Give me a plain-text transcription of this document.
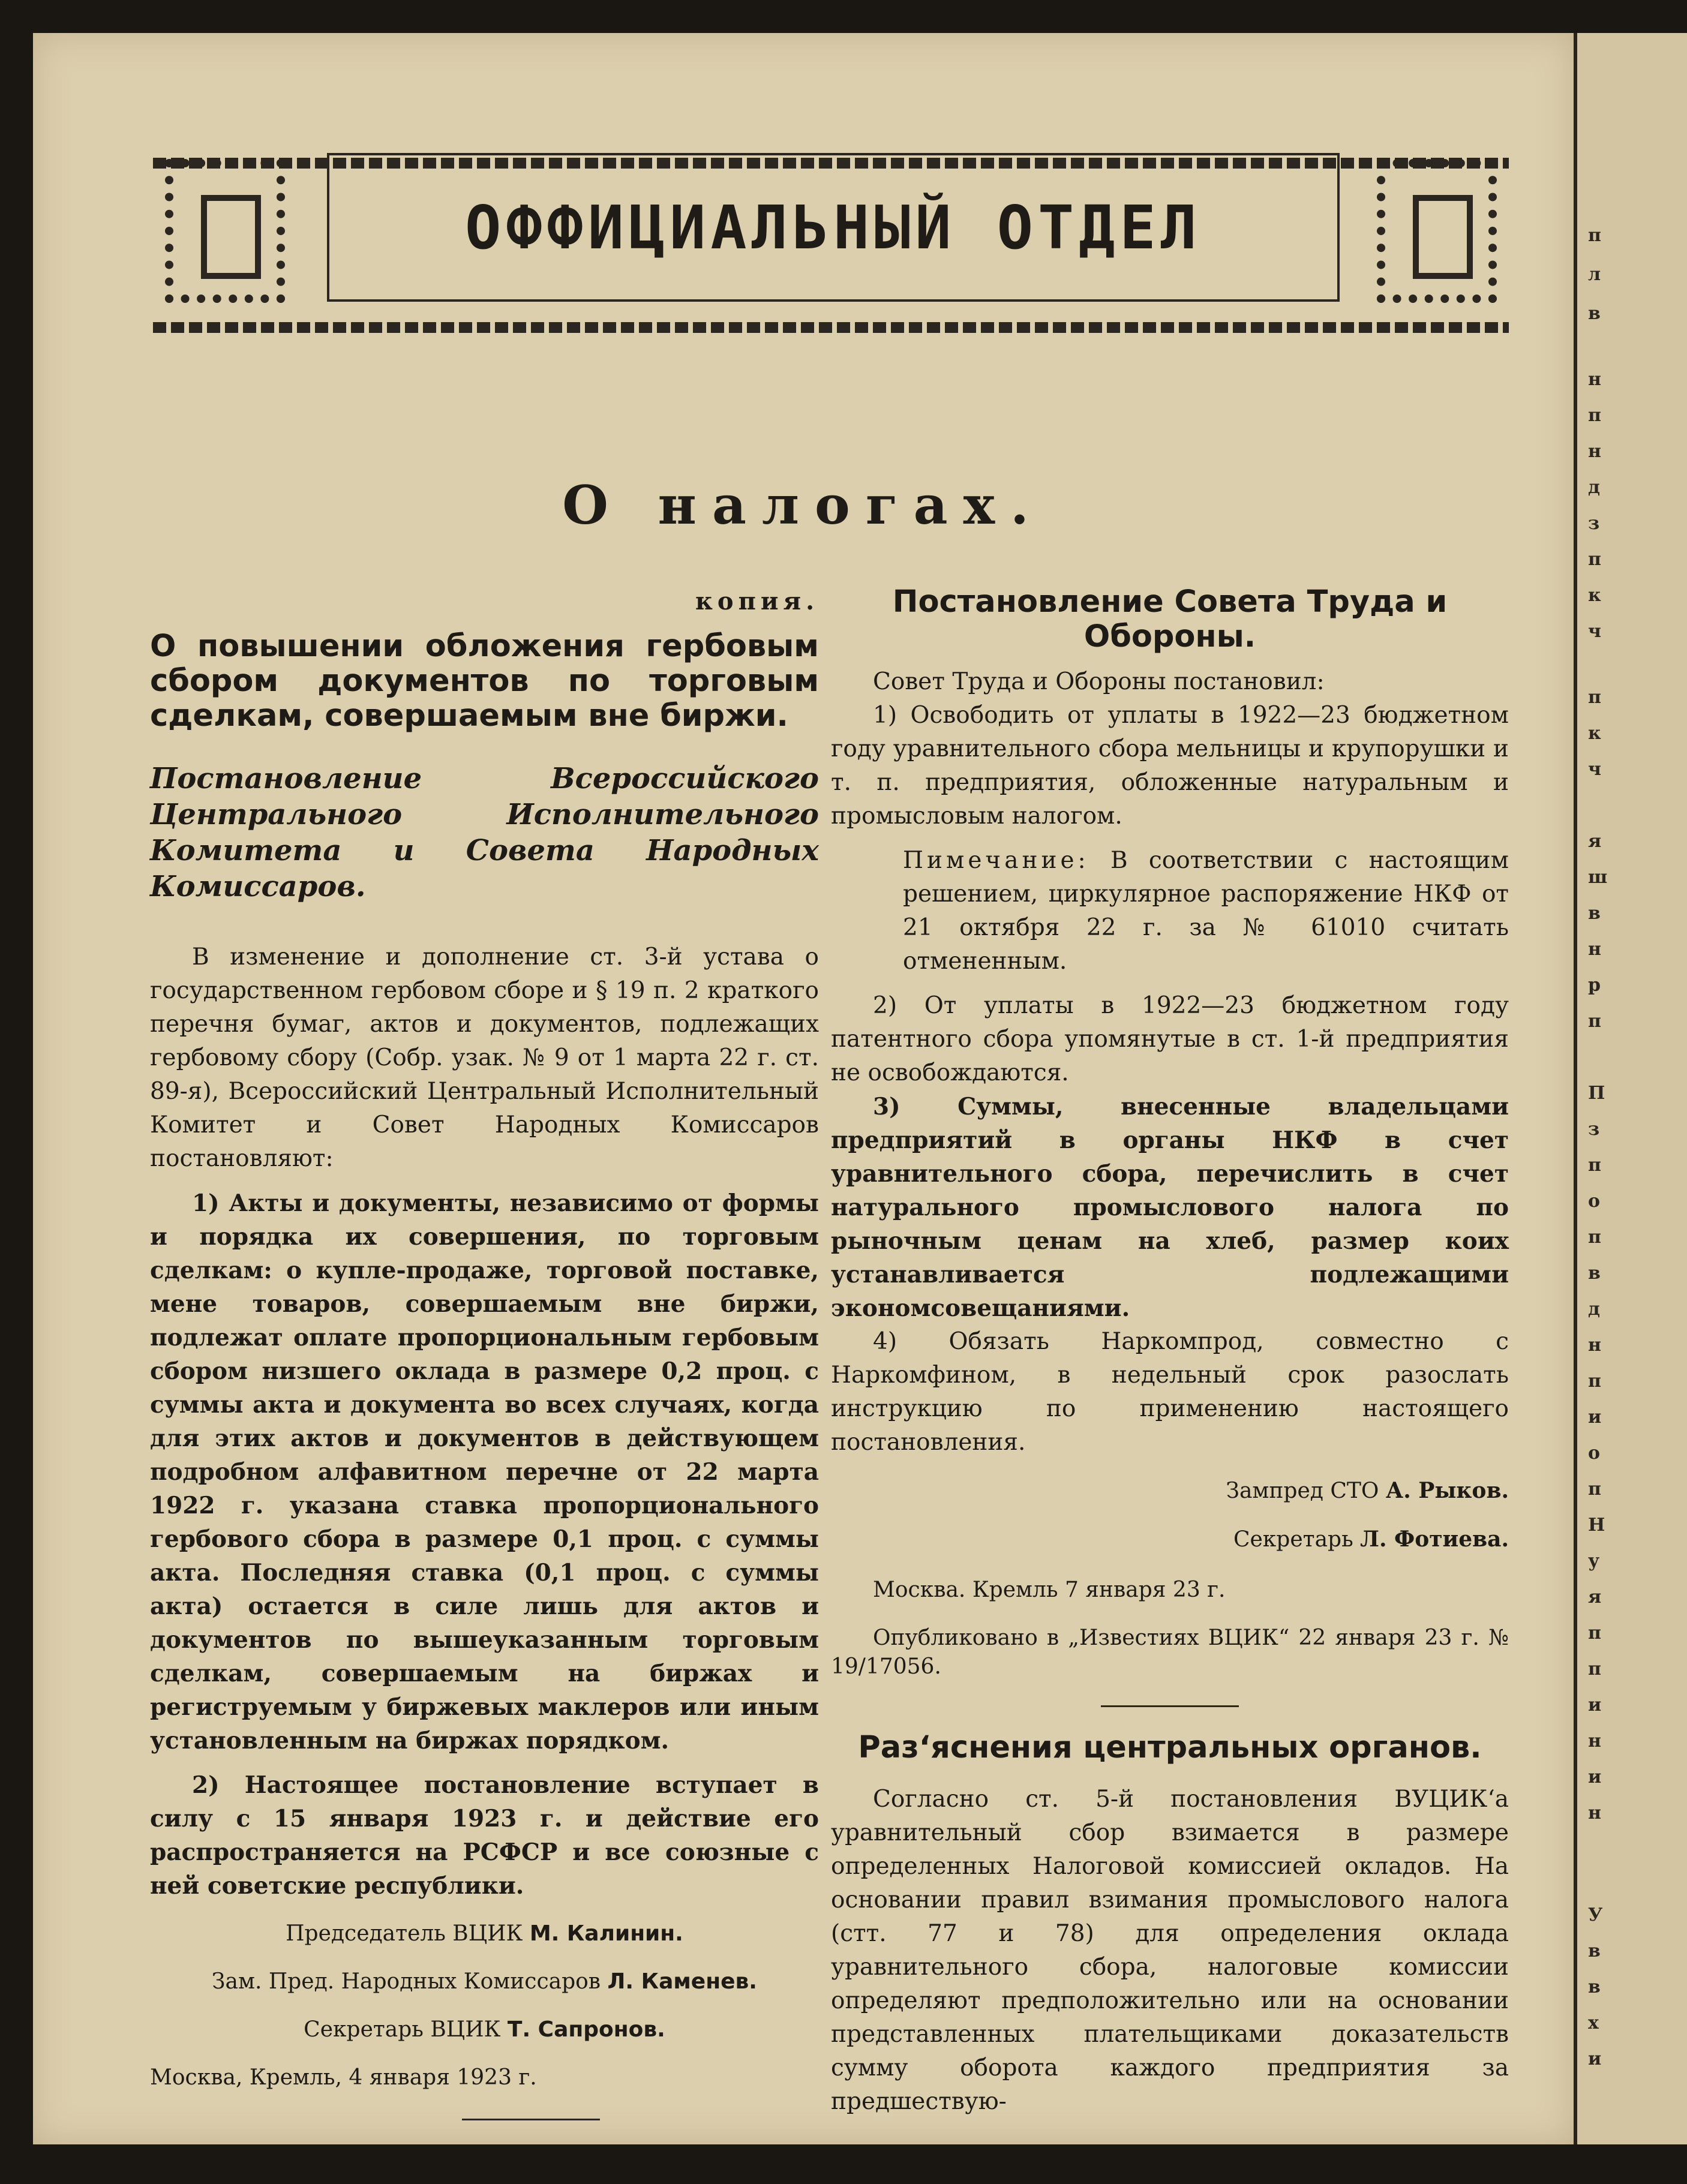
ОФФИЦИАЛЬНЫЙ ОТДЕЛ
О налогах.

копия.

О повышении обложения гербовым сбором документов по торговым сделкам, совершаемым вне биржи.

Постановление Всероссийского Центрального Исполнительного Комитета и Совета Народных Комиссаров.

В изменение и дополнение ст. 3-й устава о государственном гербовом сборе и § 19 п. 2 краткого перечня бумаг, актов и документов, подлежащих гербовому сбору (Собр. узак. № 9 от 1 марта 22 г. ст. 89-я), Всероссийский Центральный Исполнительный Комитет и Совет Народных Комиссаров постановляют:

1) Акты и документы, независимо от формы и порядка их совершения, по торговым сделкам: о купле-продаже, торговой поставке, мене товаров, совершаемым вне биржи, подлежат оплате пропорциональным гербовым сбором низшего оклада в размере 0,2 проц. с суммы акта и документа во всех случаях, когда для этих актов и документов в действующем подробном алфавитном перечне от 22 марта 1922 г. указана ставка пропорционального гербового сбора в размере 0,1 проц. с суммы акта. Последняя ставка (0,1 проц. с суммы акта) остается в силе лишь для актов и документов по вышеуказанным торговым сделкам, совершаемым на биржах и региструемым у биржевых маклеров или иным установленным на биржах порядком.

2) Настоящее постановление вступает в силу с 15 января 1923 г. и действие его распространяется на РСФСР и все союзные с ней советские республики.

Председатель ВЦИК М. Калинин.

Зам. Пред. Народных Комиссаров Л. Каменев.

Секретарь ВЦИК Т. Сапронов.

Москва, Кремль, 4 января 1923 г.

Постановление Совета Труда и Обороны.

Совет Труда и Обороны постановил:

1) Освободить от уплаты в 1922—23 бюджетном году уравнительного сбора мельницы и крупорушки и т. п. предприятия, обложенные натуральным и промысловым налогом.

Пимечание: В соответствии с настоящим решением, циркулярное распоряжение НКФ от 21 октября 22 г. за № 61010 считать отмененным.

2) От уплаты в 1922—23 бюджетном году патентного сбора упомянутые в ст. 1-й предприятия не освобождаются.

3) Суммы, внесенные владельцами предприятий в органы НКФ в счет уравнительного сбора, перечислить в счет натурального промыслового налога по рыночным ценам на хлеб, размер коих устанавливается подлежащими экономсовещаниями.

4) Обязать Наркомпрод, совместно с Наркомфином, в недельный срок разослать инструкцию по применению настоящего постановления.

Зампред СТО А. Рыков.

Секретарь Л. Фотиева.

Москва. Кремль 7 января 23 г.

Опубликовано в „Известиях ВЦИК“ 22 января 23 г. № 19/17056.

Раз‘яснения центральных органов.

Согласно ст. 5-й постановления ВУЦИК‘а уравнительный сбор взимается в размере определенных Налоговой комиссией окладов. На основании правил взимания промыслового налога (стт. 77 и 78) для определения оклада уравнительного сбора, налоговые комиссии определяют предположительно или на основании представленных плательщиками доказательств сумму оборота каждого предприятия за предшествую-

п
л
в
н
п
н
д
з
п
к
ч
п
к
ч
я
ш
в
н
р
п
П
з
п
о
п
в
д
н
п
и
о
п
Н
у
я
п
п
и
н
и
н
У
в
в
х
и
